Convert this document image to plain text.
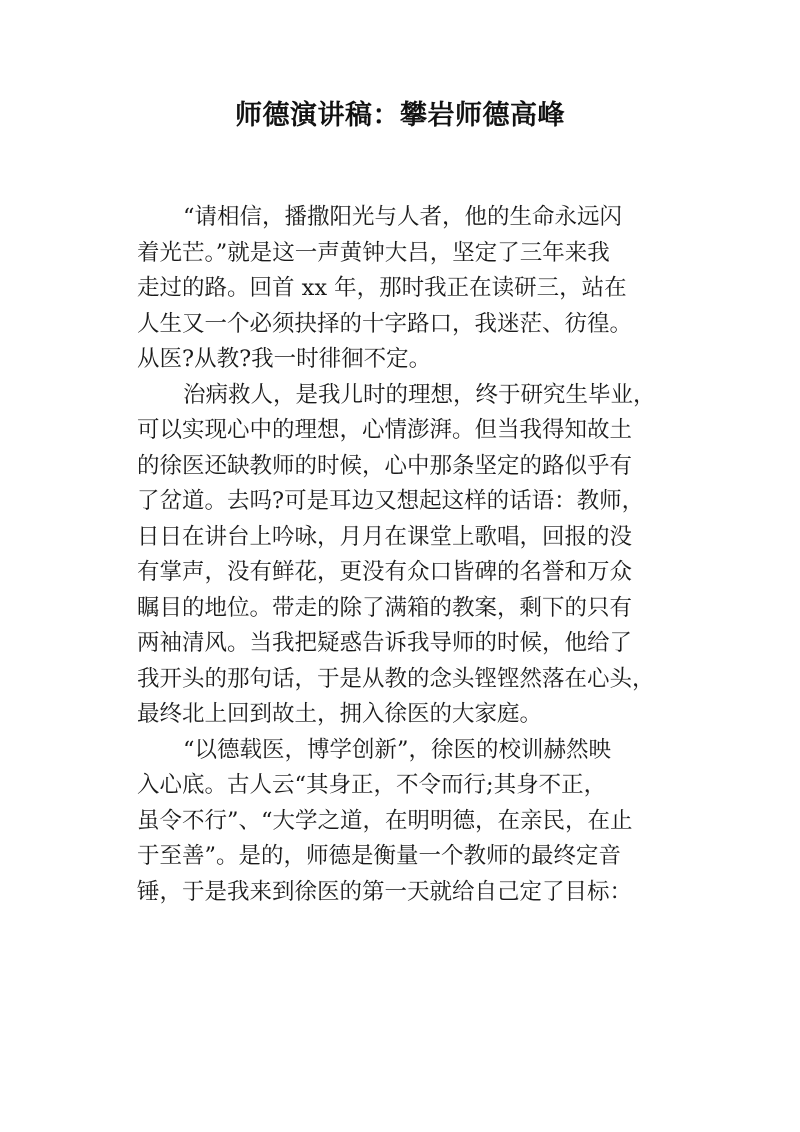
师德演讲稿：攀岩师德高峰
“请相信，播撒阳光与人者，他的生命永远闪
着光芒。”就是这一声黄钟大吕，坚定了三年来我
走过的路。回首 xx 年，那时我正在读研三，站在
人生又一个必须抉择的十字路口，我迷茫、彷徨。
从医?从教?我一时徘徊不定。
治病救人，是我儿时的理想，终于研究生毕业，
可以实现心中的理想，心情澎湃。但当我得知故土
的徐医还缺教师的时候，心中那条坚定的路似乎有
了岔道。去吗?可是耳边又想起这样的话语：教师，
日日在讲台上吟咏，月月在课堂上歌唱，回报的没
有掌声，没有鲜花，更没有众口皆碑的名誉和万众
瞩目的地位。带走的除了满箱的教案，剩下的只有
两袖清风。当我把疑惑告诉我导师的时候，他给了
我开头的那句话，于是从教的念头铿铿然落在心头，
最终北上回到故土，拥入徐医的大家庭。
“以德载医，博学创新”，徐医的校训赫然映
入心底。古人云“其身正，不令而行;其身不正，
虽令不行”、“大学之道，在明明德，在亲民，在止
于至善”。是的，师德是衡量一个教师的最终定音
锤，于是我来到徐医的第一天就给自己定了目标：
